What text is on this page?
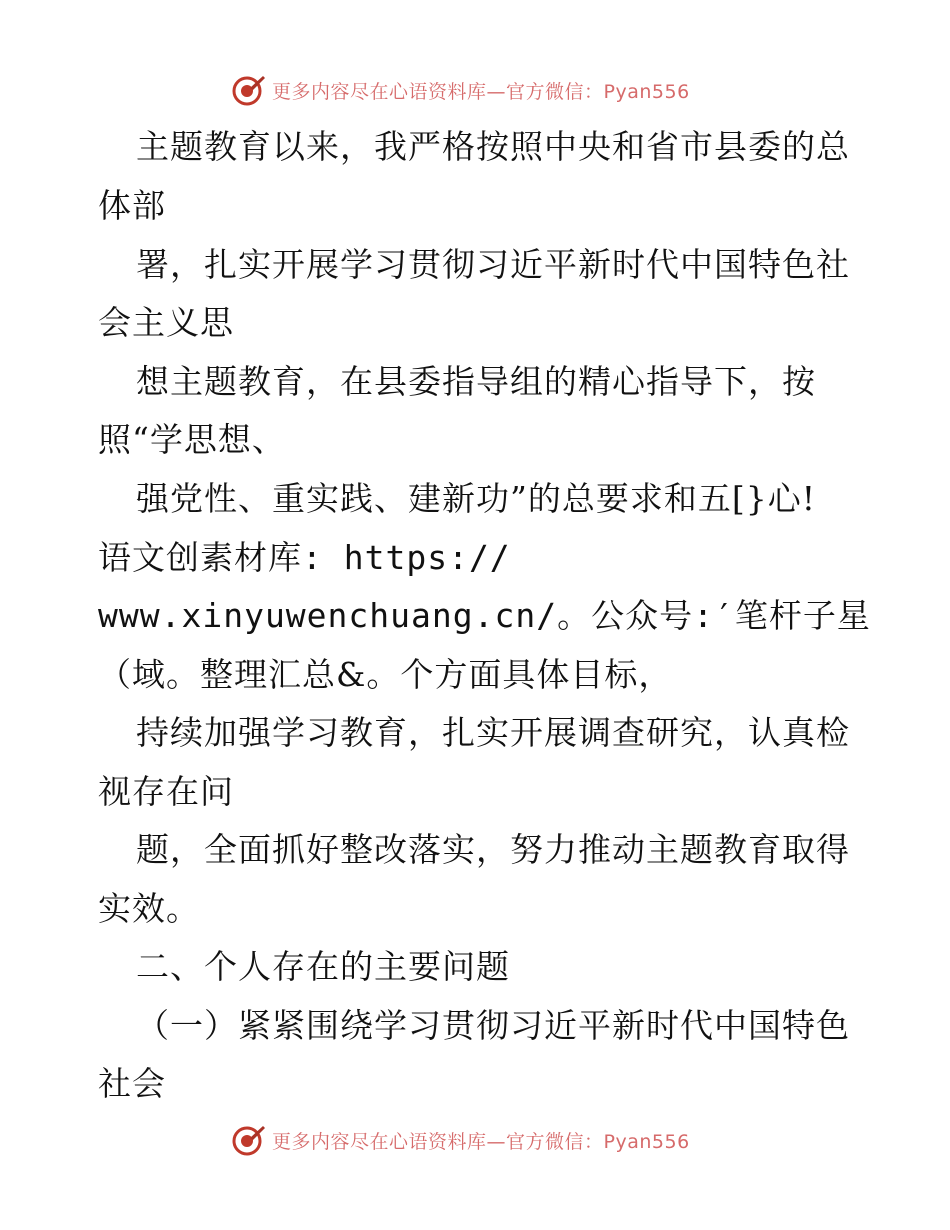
更多内容尽在心语资料库—官方微信：Pyan556
主题教育以来，我严格按照中央和省市县委的总
体部
署，扎实开展学习贯彻习近平新时代中国特色社
会主义思
想主题教育，在县委指导组的精心指导下，按
照“学思想、
强党性、重实践、建新功”的总要求和五[}心!
语文创素材库: https://
www.xinyuwenchuang.cn/。公众号:′笔杆子星
（域。整理汇总&。个方面具体目标，
持续加强学习教育，扎实开展调查研究，认真检
视存在问
题，全面抓好整改落实，努力推动主题教育取得
实效。
二、个人存在的主要问题
（一）紧紧围绕学习贯彻习近平新时代中国特色
社会
更多内容尽在心语资料库—官方微信：Pyan556
